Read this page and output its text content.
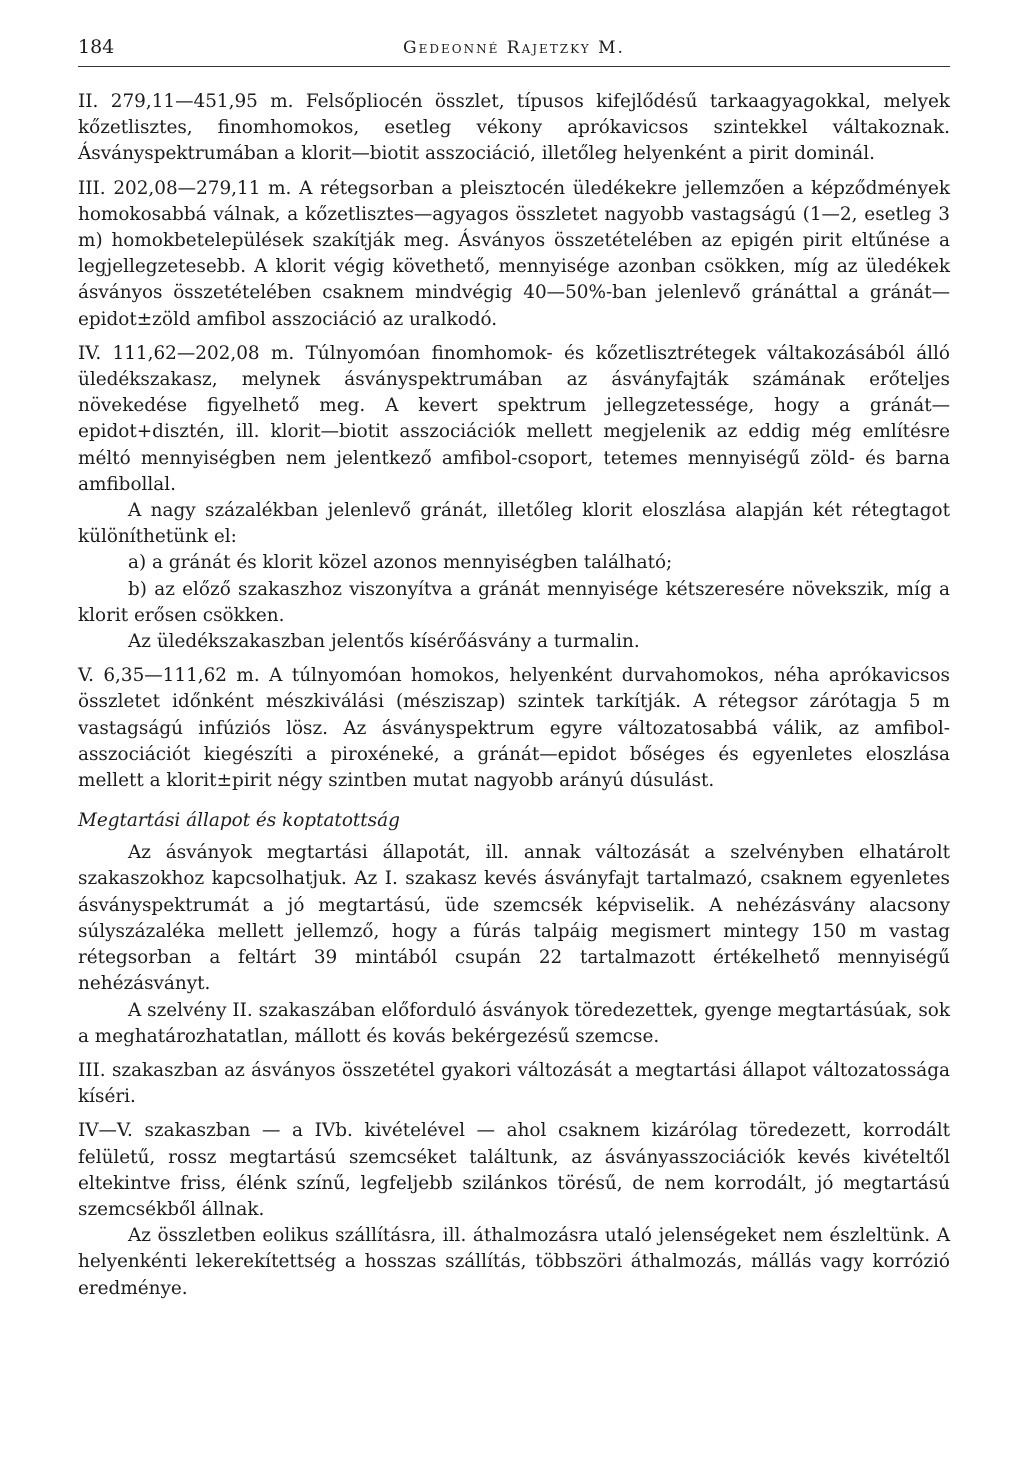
184	Gedeonné Rajetzky M.

II. 279,11—451,95 m. Felsőpliocén összlet, típusos kifejlődésű tarkaagyagokkal, melyek kőzetlisztes, finomhomokos, esetleg vékony aprókavicsos szintekkel váltakoznak. Ásványspektrumában a klorit—biotit asszociáció, illetőleg helyenként a pirit dominál.

III. 202,08—279,11 m. A rétegsorban a pleisztocén üledékekre jellemzően a képződmények homokosabbá válnak, a kőzetlisztes—agyagos összletet nagyobb vastagságú (1—2, esetleg 3 m) homokbetelepülések szakítják meg. Ásványos összetételében az epigén pirit eltűnése a legjellegzetesebb. A klorit végig követhető, mennyisége azonban csökken, míg az üledékek ásványos összetételében csaknem mindvégig 40—50%-ban jelenlevő gránáttal a gránát—epidot±zöld amfibol asszociáció az uralkodó.

IV. 111,62—202,08 m. Túlnyomóan finomhomok- és kőzetlisztrétegek váltakozásából álló üledékszakasz, melynek ásványspektrumában az ásványfajták számának erőteljes növekedése figyelhető meg. A kevert spektrum jellegzetessége, hogy a gránát—epidot+disztén, ill. klorit—biotit asszociációk mellett megjelenik az eddig még említésre méltó mennyiségben nem jelentkező amfibol-csoport, tetemes mennyiségű zöld- és barna amfibollal.

A nagy százalékban jelenlevő gránát, illetőleg klorit eloszlása alapján két rétegtagot különíthetünk el:

a) a gránát és klorit közel azonos mennyiségben található;

b) az előző szakaszhoz viszonyítva a gránát mennyisége kétszeresére növekszik, míg a klorit erősen csökken.

Az üledékszakaszban jelentős kísérőásvány a turmalin.

V. 6,35—111,62 m. A túlnyomóan homokos, helyenként durvahomokos, néha aprókavicsos összletet időnként mészkiválási (mésziszap) szintek tarkítják. A rétegsor zárótagja 5 m vastagságú infúziós lösz. Az ásványspektrum egyre változatosabbá válik, az amfibol-asszociációt kiegészíti a piroxéneké, a gránát—epidot bőséges és egyenletes eloszlása mellett a klorit±pirit négy szintben mutat nagyobb arányú dúsulást.

Megtartási állapot és koptatottság

Az ásványok megtartási állapotát, ill. annak változását a szelvényben elhatárolt szakaszokhoz kapcsolhatjuk. Az I. szakasz kevés ásványfajt tartalmazó, csaknem egyenletes ásványspektrumát a jó megtartású, üde szemcsék képviselik. A nehézásvány alacsony súlyszázaléka mellett jellemző, hogy a fúrás talpáig megismert mintegy 150 m vastag rétegsorban a feltárt 39 mintából csupán 22 tartalmazott értékelhető mennyiségű nehézásványt.

A szelvény II. szakaszában előforduló ásványok töredezettek, gyenge megtartásúak, sok a meghatározhatatlan, mállott és kovás bekérgezésű szemcse.

III. szakaszban az ásványos összetétel gyakori változását a megtartási állapot változatossága kíséri.

IV—V. szakaszban — a IVb. kivételével — ahol csaknem kizárólag töredezett, korrodált felületű, rossz megtartású szemcséket találtunk, az ásványasszociációk kevés kivételtől eltekintve friss, élénk színű, legfeljebb szilánkos törésű, de nem korrodált, jó megtartású szemcsékből állnak.

Az összletben eolikus szállításra, ill. áthalmozásra utaló jelenségeket nem észleltünk. A helyenkénti lekerekítettség a hosszas szállítás, többszöri áthalmozás, mállás vagy korrózió eredménye.
